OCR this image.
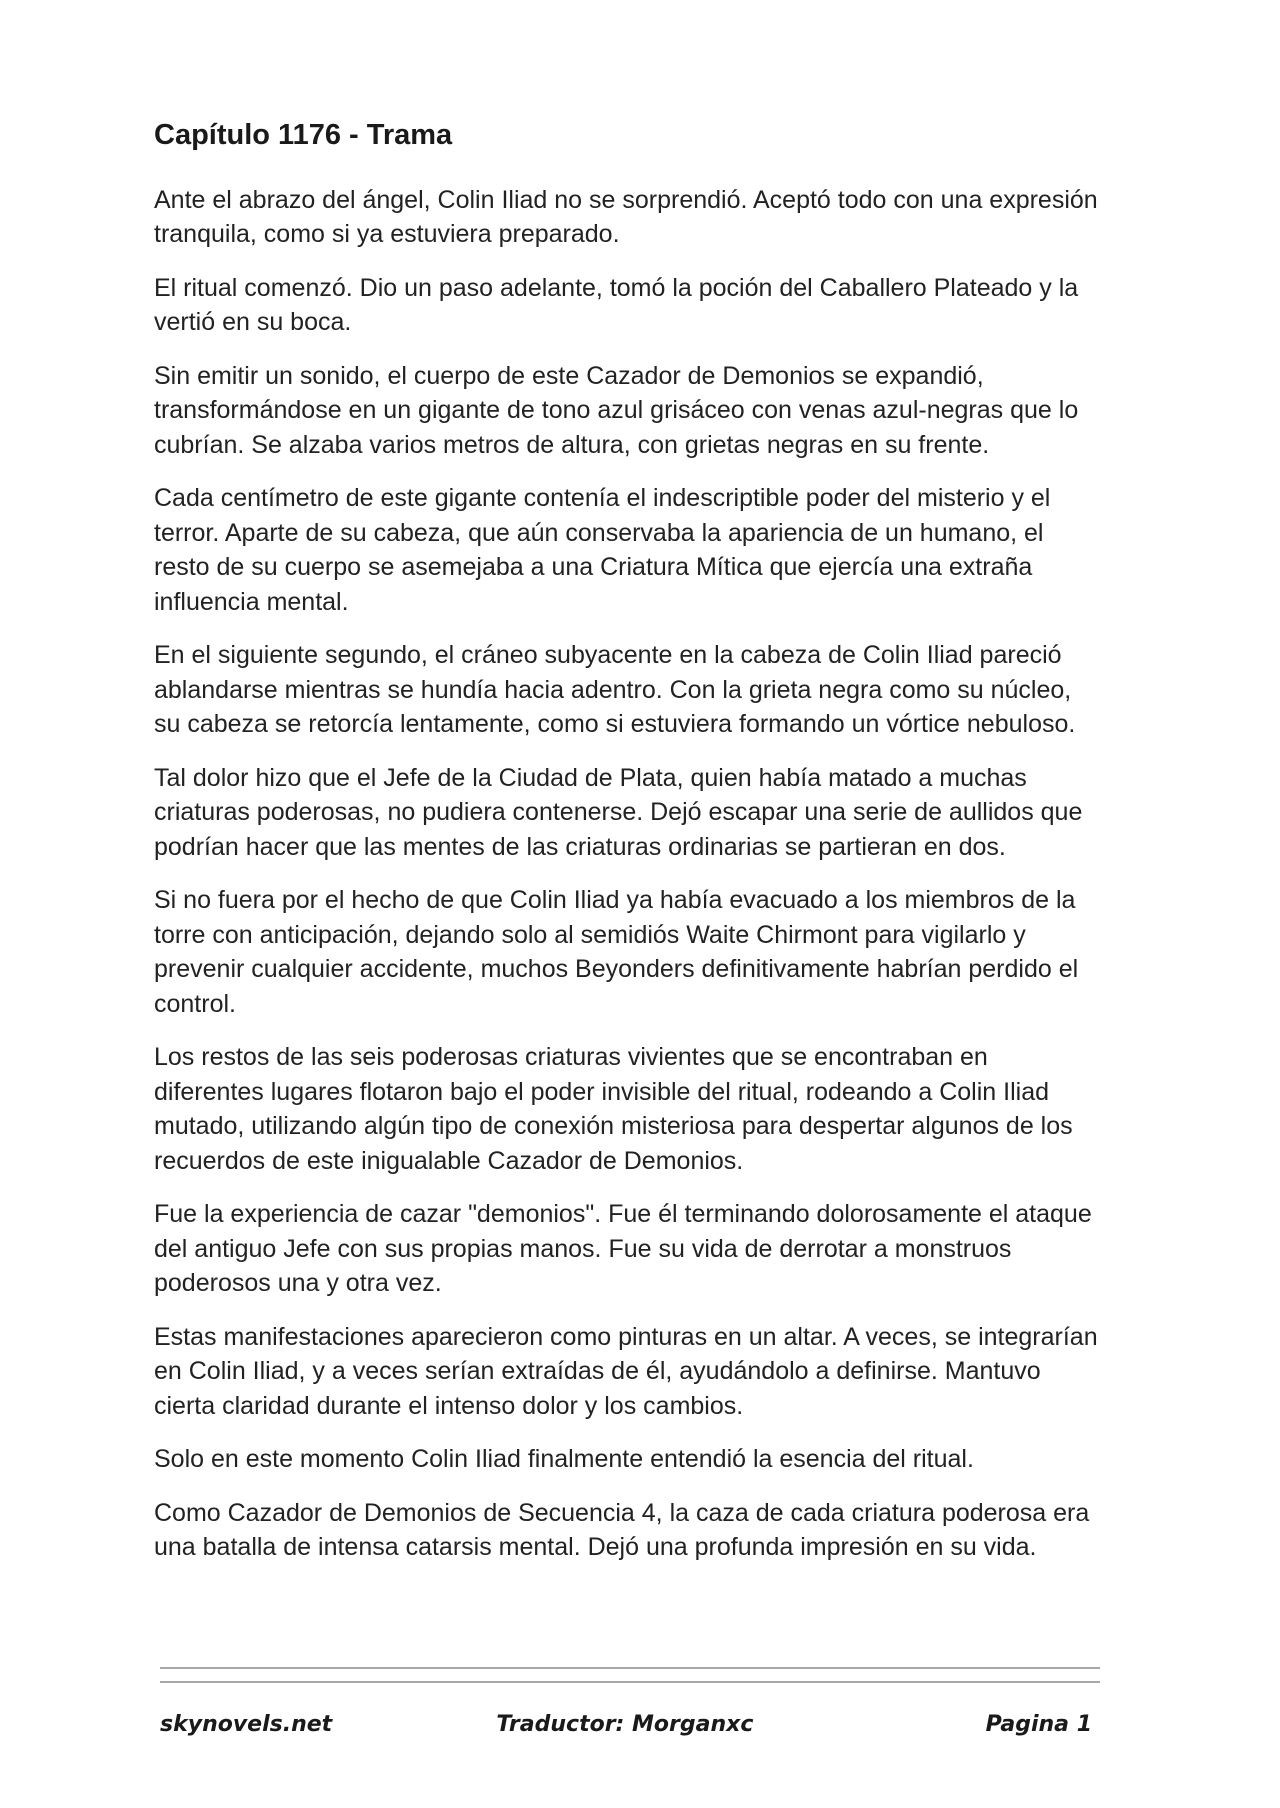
Capítulo 1176 - Trama

Ante el abrazo del ángel, Colin Iliad no se sorprendió. Aceptó todo con una expresión tranquila, como si ya estuviera preparado.

El ritual comenzó. Dio un paso adelante, tomó la poción del Caballero Plateado y la vertió en su boca.

Sin emitir un sonido, el cuerpo de este Cazador de Demonios se expandió, transformándose en un gigante de tono azul grisáceo con venas azul-negras que lo cubrían. Se alzaba varios metros de altura, con grietas negras en su frente.

Cada centímetro de este gigante contenía el indescriptible poder del misterio y el terror. Aparte de su cabeza, que aún conservaba la apariencia de un humano, el resto de su cuerpo se asemejaba a una Criatura Mítica que ejercía una extraña influencia mental.

En el siguiente segundo, el cráneo subyacente en la cabeza de Colin Iliad pareció ablandarse mientras se hundía hacia adentro. Con la grieta negra como su núcleo, su cabeza se retorcía lentamente, como si estuviera formando un vórtice nebuloso.

Tal dolor hizo que el Jefe de la Ciudad de Plata, quien había matado a muchas criaturas poderosas, no pudiera contenerse. Dejó escapar una serie de aullidos que podrían hacer que las mentes de las criaturas ordinarias se partieran en dos.

Si no fuera por el hecho de que Colin Iliad ya había evacuado a los miembros de la torre con anticipación, dejando solo al semidiós Waite Chirmont para vigilarlo y prevenir cualquier accidente, muchos Beyonders definitivamente habrían perdido el control.

Los restos de las seis poderosas criaturas vivientes que se encontraban en diferentes lugares flotaron bajo el poder invisible del ritual, rodeando a Colin Iliad mutado, utilizando algún tipo de conexión misteriosa para despertar algunos de los recuerdos de este inigualable Cazador de Demonios.

Fue la experiencia de cazar "demonios". Fue él terminando dolorosamente el ataque del antiguo Jefe con sus propias manos. Fue su vida de derrotar a monstruos poderosos una y otra vez.

Estas manifestaciones aparecieron como pinturas en un altar. A veces, se integrarían en Colin Iliad, y a veces serían extraídas de él, ayudándolo a definirse. Mantuvo cierta claridad durante el intenso dolor y los cambios.

Solo en este momento Colin Iliad finalmente entendió la esencia del ritual.

Como Cazador de Demonios de Secuencia 4, la caza de cada criatura poderosa era una batalla de intensa catarsis mental. Dejó una profunda impresión en su vida.

skynovels.net	Traductor: Morganxc	Pagina 1
